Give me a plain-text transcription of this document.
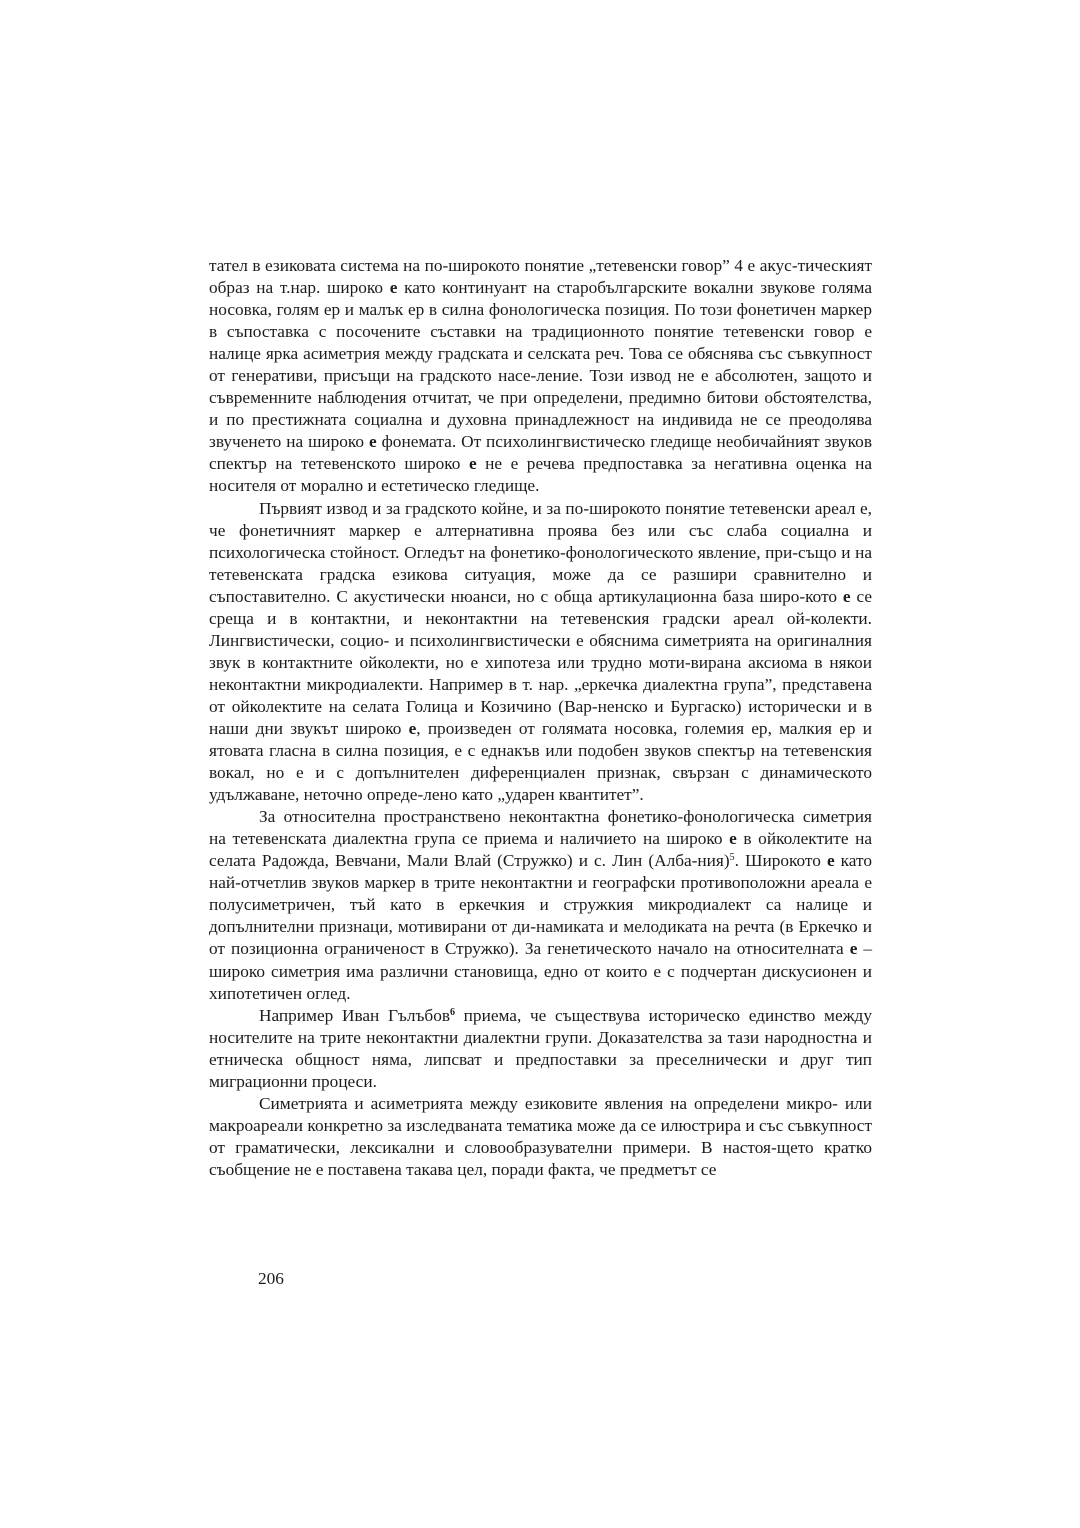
тател в езиковата система на по-широкото понятие „тетевенски говор” 4 е акус-тическият образ на т.нар. широко е като континуант на старобългарските вокални звукове голяма носовка, голям ер и малък ер в силна фонологическа позиция. По този фонетичен маркер в съпоставка с посочените съставки на традиционното понятие тетевенски говор е налице ярка асиметрия между градската и селската реч. Това се обяснява със съвкупност от генеративи, присъщи на градското насе-ление. Този извод не е абсолютен, защото и съвременните наблюдения отчитат, че при определени, предимно битови обстоятелства, и по престижната социална и духовна принадлежност на индивида не се преодолява звученето на широко е фонемата. От психолингвистическо гледище необичайният звуков спектър на тетевенското широко е не е речева предпоставка за негативна оценка на носителя от морално и естетическо гледище.

Първият извод и за градското койне, и за по-широкото понятие тетевенски ареал е, че фонетичният маркер е алтернативна проява без или със слаба социална и психологическа стойност. Огледът на фонетико-фонологическото явление, при-също и на тетевенската градска езикова ситуация, може да се разшири сравнително и съпоставително. С акустически нюанси, но с обща артикулационна база широ-кото е се среща и в контактни, и неконтактни на тетевенския градски ареал ой-колекти. Лингвистически, социо- и психолингвистически е обяснима симетрията на оригиналния звук в контактните ойколекти, но е хипотеза или трудно моти-вирана аксиома в някои неконтактни микродиалекти. Например в т. нар. „еркечка диалектна група”, представена от ойколектите на селата Голица и Козичино (Вар-ненско и Бургаско) исторически и в наши дни звукът широко е, произведен от голямата носовка, големия ер, малкия ер и ятовата гласна в силна позиция, е с еднакъв или подобен звуков спектър на тетевенския вокал, но е и с допълнителен диференциален признак, свързан с динамическото удължаване, неточно опреде-лено като „ударен квантитет”.

За относителна пространствено неконтактна фонетико-фонологическа симетрия на тетевенската диалектна група се приема и наличието на широко е в ойколектите на селата Радожда, Вевчани, Мали Влай (Стружко) и с. Лин (Алба-ния)$^5$. Широкото е като най-отчетлив звуков маркер в трите неконтактни и географски противоположни ареала е полусиметричен, тъй като в еркечкия и стружкия микродиалект са налице и допълнителни признаци, мотивирани от ди-намиката и мелодиката на речта (в Еркечко и от позиционна ограниченост в Стружко). За генетическото начало на относителната е – широко симетрия има различни становища, едно от които е с подчертан дискусионен и хипотетичен оглед.

Например Иван Гълъбов$^6$ приема, че съществува историческо единство между носителите на трите неконтактни диалектни групи. Доказателства за тази народностна и етническа общност няма, липсват и предпоставки за преселнически и друг тип миграционни процеси.

Симетрията и асиметрията между езиковите явления на определени микро- или макроареали конкретно за изследваната тематика може да се илюстрира и със съвкупност от граматически, лексикални и словообразувателни примери. В настоя-щето кратко съобщение не е поставена такава цел, поради факта, че предметът се

206
